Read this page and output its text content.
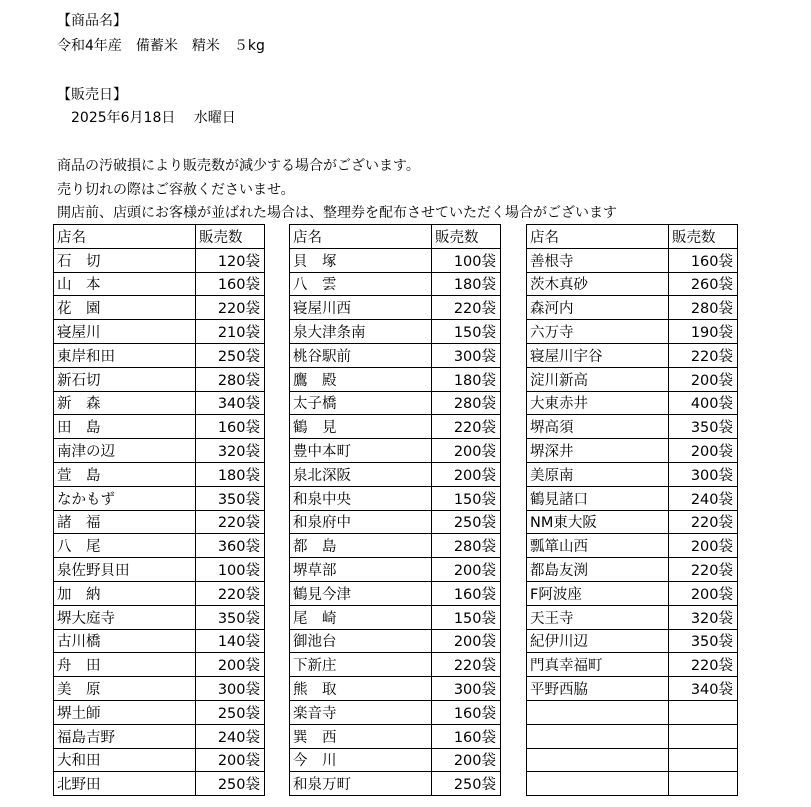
【商品名】
令和4年産　備蓄米　精米　５kg
【販売日】
　2025年6月18日　 水曜日
商品の汚破損により販売数が減少する場合がございます。
売り切れの際はご容赦くださいませ。
開店前、店頭にお客様が並ばれた場合は、整理券を配布させていただく場合がございます
店名	販売数
石　切	120袋
山　本	160袋
花　園	220袋
寝屋川	210袋
東岸和田	250袋
新石切	280袋
新　森	340袋
田　島	160袋
南津の辺	320袋
萱　島	180袋
なかもず	350袋
諸　福	220袋
八　尾	360袋
泉佐野貝田	100袋
加　納	220袋
堺大庭寺	350袋
古川橋	140袋
舟　田	200袋
美　原	300袋
堺土師	250袋
福島吉野	240袋
大和田	200袋
北野田	250袋
店名	販売数
貝　塚	100袋
八　雲	180袋
寝屋川西	220袋
泉大津条南	150袋
桃谷駅前	300袋
鷹　殿	180袋
太子橋	280袋
鶴　見	220袋
豊中本町	200袋
泉北深阪	200袋
和泉中央	150袋
和泉府中	250袋
都　島	280袋
堺草部	200袋
鶴見今津	160袋
尾　崎	150袋
御池台	200袋
下新庄	220袋
熊　取	300袋
楽音寺	160袋
巽　西	160袋
今　川	200袋
和泉万町	250袋
店名	販売数
善根寺	160袋
茨木真砂	260袋
森河内	280袋
六万寺	190袋
寝屋川宇谷	220袋
淀川新高	200袋
大東赤井	400袋
堺高須	350袋
堺深井	200袋
美原南	300袋
鶴見諸口	240袋
NM東大阪	220袋
瓢箪山西	200袋
都島友渕	220袋
F阿波座	200袋
天王寺	320袋
紀伊川辺	350袋
門真幸福町	220袋
平野西脇	340袋
